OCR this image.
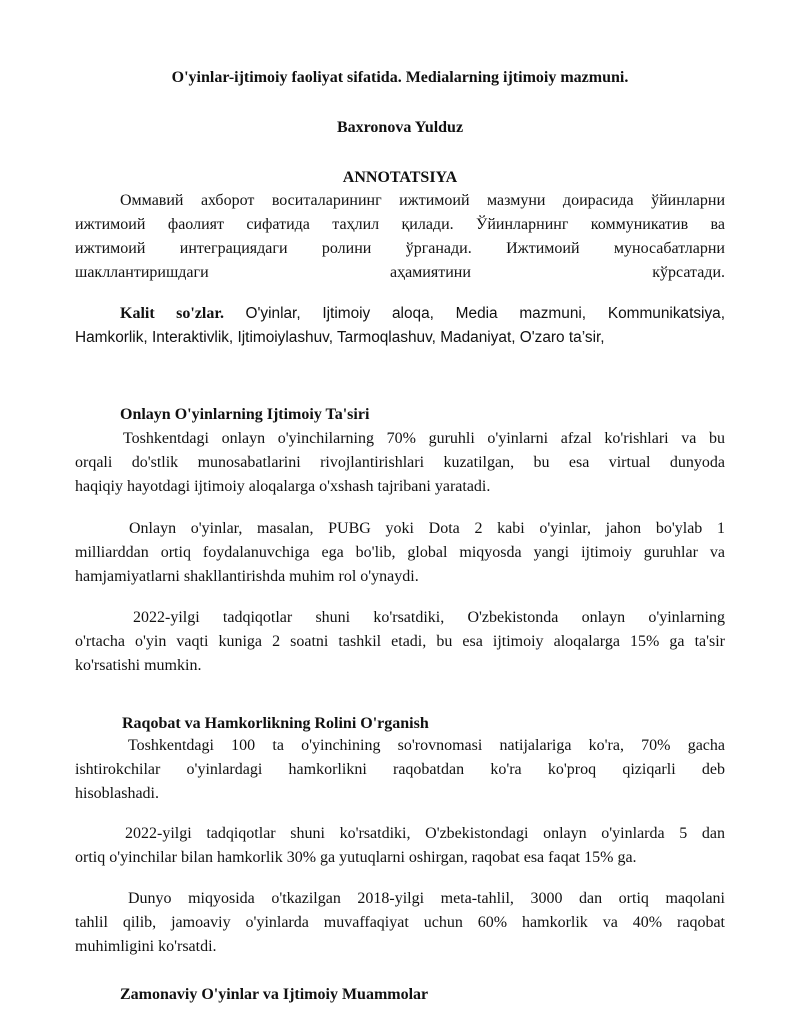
O'yinlar-ijtimoiy faoliyat sifatida. Medialarning ijtimoiy mazmuni.
Baxronova Yulduz
ANNOTATSIYA

Оммавий ахборот воситаларининг ижтимоий мазмуни доирасида ўйинларни

ижтимоий фаолият сифатида таҳлил қилади. Ўйинларнинг коммуникатив ва

ижтимоий интеграциядаги ролини ўрганади. Ижтимоий муносабатларни

шакллантиришдаги аҳамиятини кўрсатади.

Kalit so'zlar. O'yinlar, Ijtimoiy aloqa, Media mazmuni, Kommunikatsiya,

Hamkorlik, Interaktivlik, Ijtimoiylashuv, Tarmoqlashuv, Madaniyat, O'zaro ta’sir,

Onlayn O'yinlarning Ijtimoiy Ta'siri

Toshkentdagi onlayn o'yinchilarning 70% guruhli o'yinlarni afzal ko'rishlari va bu

orqali do'stlik munosabatlarini rivojlantirishlari kuzatilgan, bu esa virtual dunyoda

haqiqiy hayotdagi ijtimoiy aloqalarga o'xshash tajribani yaratadi.

Onlayn o'yinlar, masalan, PUBG yoki Dota 2 kabi o'yinlar, jahon bo'ylab 1

milliarddan ortiq foydalanuvchiga ega bo'lib, global miqyosda yangi ijtimoiy guruhlar va

hamjamiyatlarni shakllantirishda muhim rol o'ynaydi.

2022-yilgi tadqiqotlar shuni ko'rsatdiki, O'zbekistonda onlayn o'yinlarning

o'rtacha o'yin vaqti kuniga 2 soatni tashkil etadi, bu esa ijtimoiy aloqalarga 15% ga ta'sir

ko'rsatishi mumkin.

Raqobat va Hamkorlikning Rolini O'rganish

Toshkentdagi 100 ta o'yinchining so'rovnomasi natijalariga ko'ra, 70% gacha

ishtirokchilar o'yinlardagi hamkorlikni raqobatdan ko'ra ko'proq qiziqarli deb

hisoblashadi.

2022-yilgi tadqiqotlar shuni ko'rsatdiki, O'zbekistondagi onlayn o'yinlarda 5 dan

ortiq o'yinchilar bilan hamkorlik 30% ga yutuqlarni oshirgan, raqobat esa faqat 15% ga.

Dunyo miqyosida o'tkazilgan 2018-yilgi meta-tahlil, 3000 dan ortiq maqolani

tahlil qilib, jamoaviy o'yinlarda muvaffaqiyat uchun 60% hamkorlik va 40% raqobat

muhimligini ko'rsatdi.

Zamonaviy O'yinlar va Ijtimoiy Muammolar
